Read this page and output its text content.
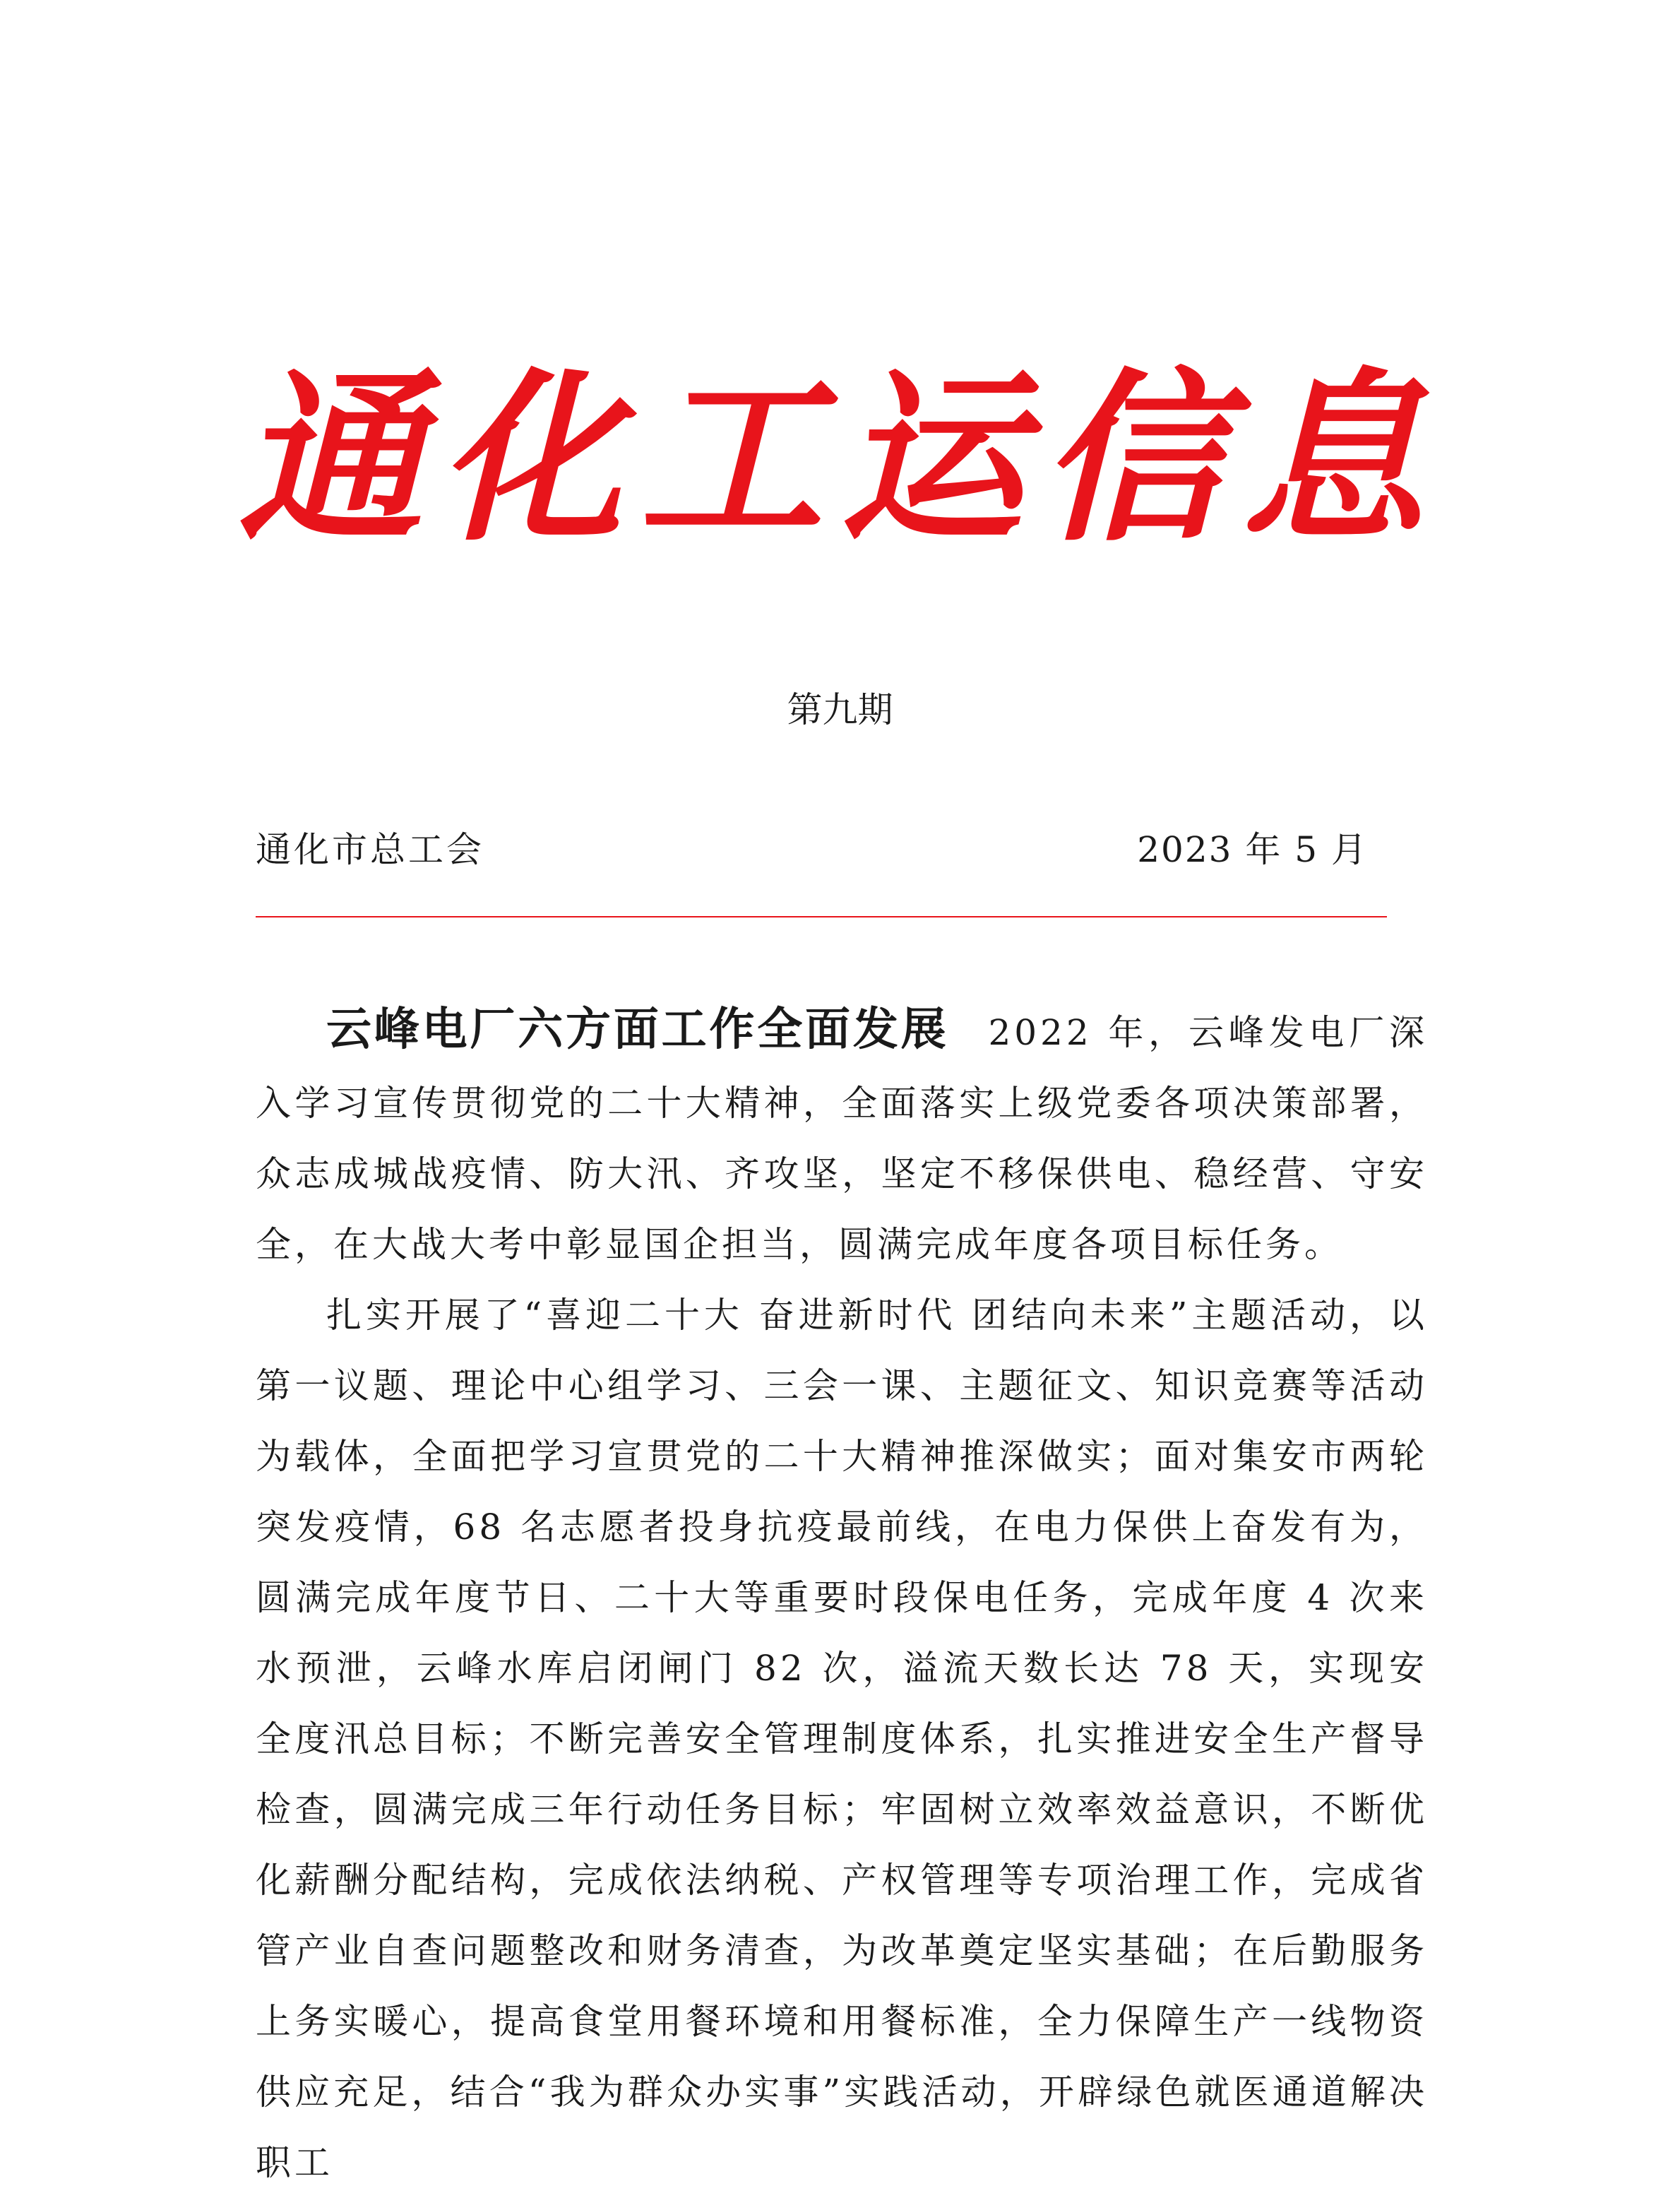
通化工运信息
第九期
通化市总工会	2023 年 5 月

云峰电厂六方面工作全面发展 2022 年，云峰发电厂深入学习宣传贯彻党的二十大精神，全面落实上级党委各项决策部署，众志成城战疫情、防大汛、齐攻坚，坚定不移保供电、稳经营、守安全，在大战大考中彰显国企担当，圆满完成年度各项目标任务。

扎实开展了“喜迎二十大 奋进新时代 团结向未来”主题活动，以第一议题、理论中心组学习、三会一课、主题征文、知识竞赛等活动为载体，全面把学习宣贯党的二十大精神推深做实；面对集安市两轮突发疫情，68 名志愿者投身抗疫最前线，在电力保供上奋发有为，圆满完成年度节日、二十大等重要时段保电任务，完成年度 4 次来水预泄，云峰水库启闭闸门 82 次，溢流天数长达 78 天，实现安全度汛总目标；不断完善安全管理制度体系，扎实推进安全生产督导检查，圆满完成三年行动任务目标；牢固树立效率效益意识，不断优化薪酬分配结构，完成依法纳税、产权管理等专项治理工作，完成省管产业自查问题整改和财务清查，为改革奠定坚实基础；在后勤服务上务实暖心，提高食堂用餐环境和用餐标准，全力保障生产一线物资供应充足，结合“我为群众办实事”实践活动，开辟绿色就医通道解决职工
